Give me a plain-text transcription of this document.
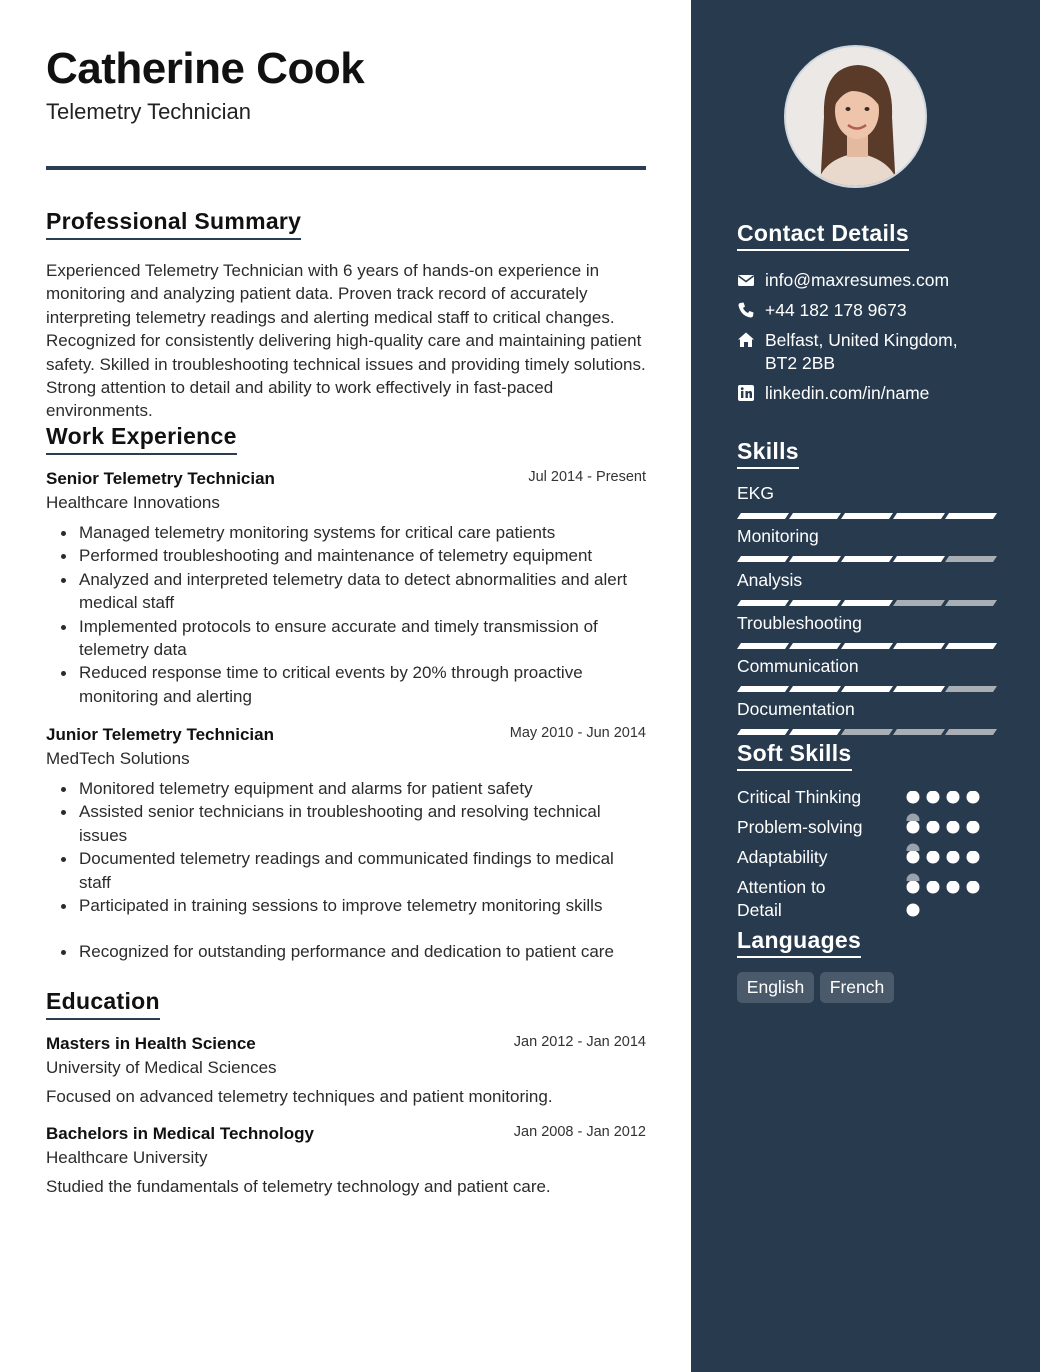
Catherine Cook
Telemetry Technician
Professional Summary
Experienced Telemetry Technician with 6 years of hands-on experience in monitoring and analyzing patient data. Proven track record of accurately interpreting telemetry readings and alerting medical staff to critical changes. Recognized for consistently delivering high-quality care and maintaining patient safety. Skilled in troubleshooting technical issues and providing timely solutions. Strong attention to detail and ability to work effectively in fast-paced environments.
Work Experience
Senior Telemetry Technician	Jul 2014 - Present
Healthcare Innovations
Managed telemetry monitoring systems for critical care patients
Performed troubleshooting and maintenance of telemetry equipment
Analyzed and interpreted telemetry data to detect abnormalities and alert medical staff
Implemented protocols to ensure accurate and timely transmission of telemetry data
Reduced response time to critical events by 20% through proactive monitoring and alerting
Junior Telemetry Technician	May 2010 - Jun 2014
MedTech Solutions
Monitored telemetry equipment and alarms for patient safety
Assisted senior technicians in troubleshooting and resolving technical issues
Documented telemetry readings and communicated findings to medical staff
Participated in training sessions to improve telemetry monitoring skills
Recognized for outstanding performance and dedication to patient care
Education
Masters in Health Science	Jan 2012 - Jan 2014
University of Medical Sciences
Focused on advanced telemetry techniques and patient monitoring.
Bachelors in Medical Technology	Jan 2008 - Jan 2012
Healthcare University
Studied the fundamentals of telemetry technology and patient care.
Contact Details
info@maxresumes.com
+44 182 178 9673
Belfast, United Kingdom,
BT2 2BB
linkedin.com/in/name
Skills
EKG
Monitoring
Analysis
Troubleshooting
Communication
Documentation
Soft Skills
Critical Thinking
Problem-solving
Adaptability
Attention to Detail
Languages
English	French
